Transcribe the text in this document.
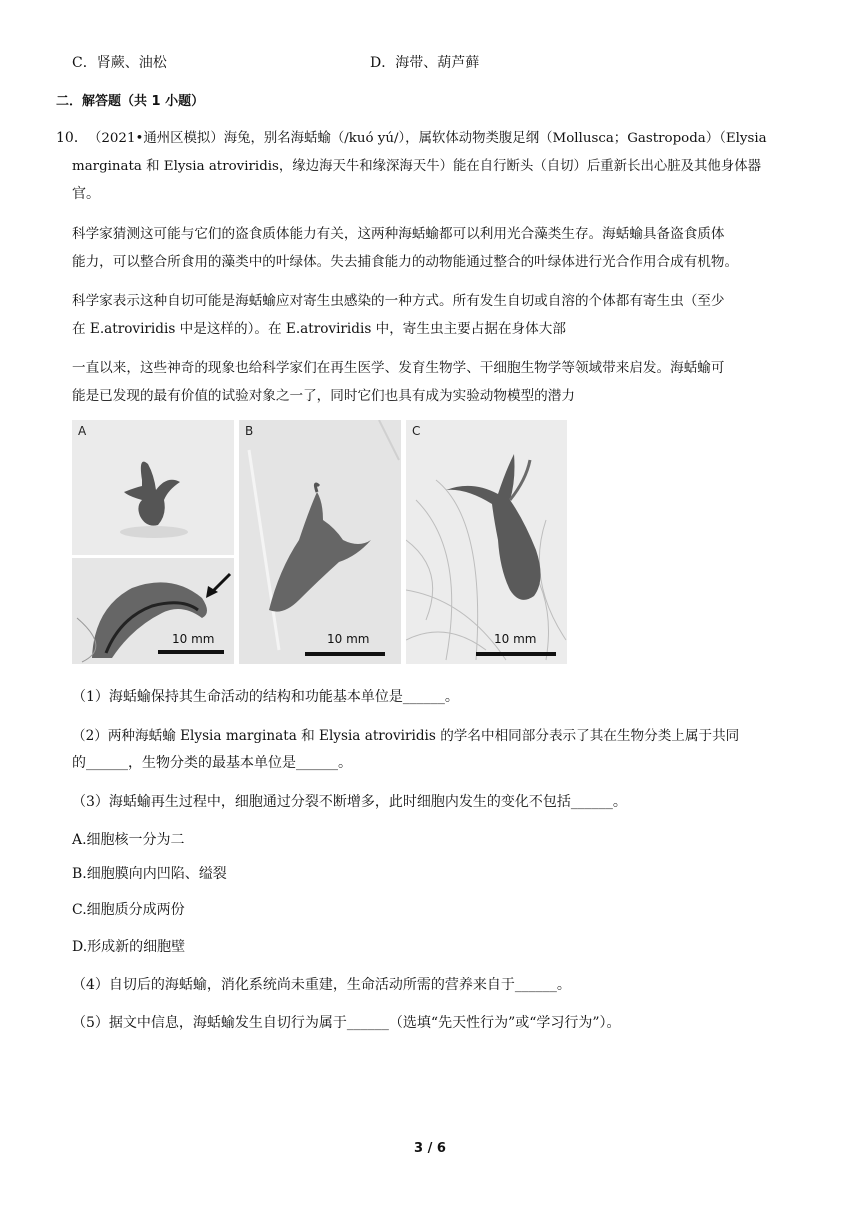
C．肾蕨、油松	D．海带、葫芦藓
二．解答题（共 1 小题）
10． （2021•通州区模拟）海兔，别名海蛞蝓（/kuó yú/），属软体动物类腹足纲（Mollusca；Gastropoda）（Elysia
marginata 和 Elysia atroviridis，缘边海天牛和缘深海天牛）能在自行断头（自切）后重新长出心脏及其他身体器
官。
科学家猜测这可能与它们的盗食质体能力有关，这两种海蛞蝓都可以利用光合藻类生存。海蛞蝓具备盗食质体
能力，可以整合所食用的藻类中的叶绿体。失去捕食能力的动物能通过整合的叶绿体进行光合作用合成有机物。
科学家表示这种自切可能是海蛞蝓应对寄生虫感染的一种方式。所有发生自切或自溶的个体都有寄生虫（至少
在 E.atroviridis 中是这样的）。在 E.atroviridis 中，寄生虫主要占据在身体大部
一直以来，这些神奇的现象也给科学家们在再生医学、发育生物学、干细胞生物学等领域带来启发。海蛞蝓可
能是已发现的最有价值的试验对象之一了，同时它们也具有成为实验动物模型的潜力
A
10 mm
B
10 mm
C
10 mm
（1）海蛞蝓保持其生命活动的结构和功能基本单位是______。
（2）两种海蛞蝓 Elysia marginata 和 Elysia atroviridis 的学名中相同部分表示了其在生物分类上属于共同
的______，生物分类的最基本单位是______。
（3）海蛞蝓再生过程中，细胞通过分裂不断增多，此时细胞内发生的变化不包括______。
A.细胞核一分为二
B.细胞膜向内凹陷、缢裂
C.细胞质分成两份
D.形成新的细胞壁
（4）自切后的海蛞蝓，消化系统尚未重建，生命活动所需的营养来自于______。
（5）据文中信息，海蛞蝓发生自切行为属于______（选填“先天性行为”或“学习行为”）。
3 / 6
